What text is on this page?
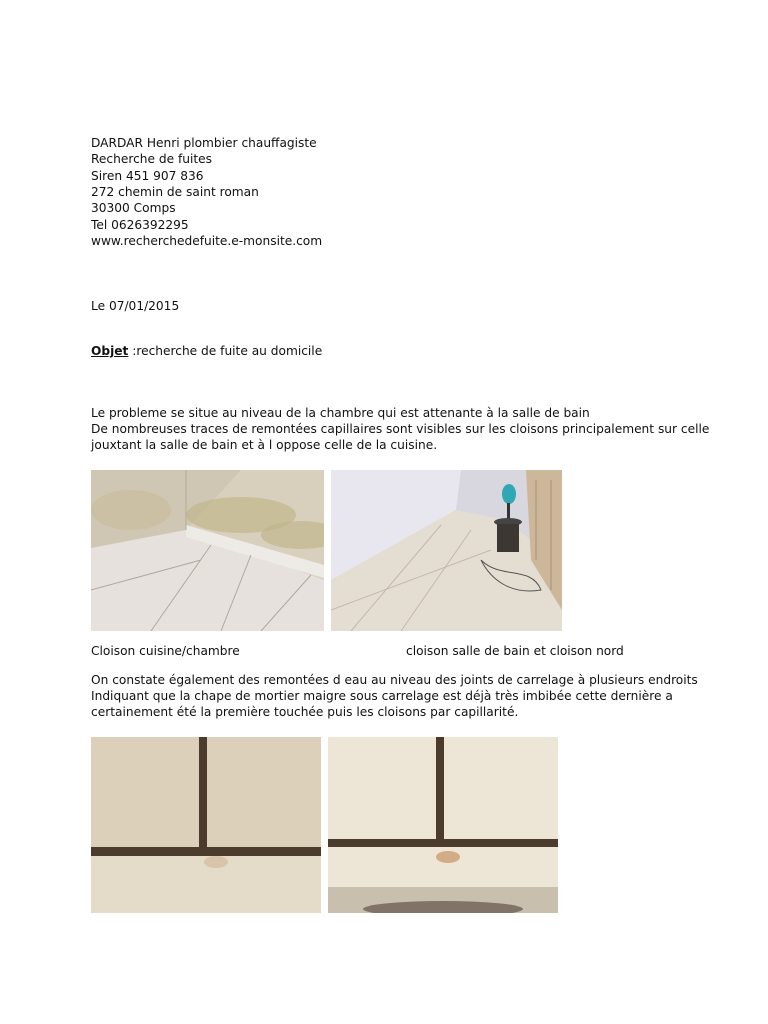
DARDAR Henri plombier chauffagiste
Recherche de fuites
Siren 451 907 836
272 chemin de saint roman
30300 Comps
Tel 0626392295
www.recherchedefuite.e-monsite.com
Le 07/01/2015
Objet :recherche de fuite au domicile
Le probleme se situe au niveau de la chambre qui est attenante à la salle de bain
De nombreuses traces de remontées capillaires sont visibles sur les cloisons principalement sur celle
jouxtant la salle de bain et à l oppose celle de la cuisine.
Cloison cuisine/chambre	cloison salle de bain et cloison nord
On constate également des remontées d eau au niveau des joints de carrelage à plusieurs endroits
Indiquant que la chape de mortier maigre sous carrelage est déjà très imbibée cette dernière a
certainement été la première touchée puis les cloisons par capillarité.
